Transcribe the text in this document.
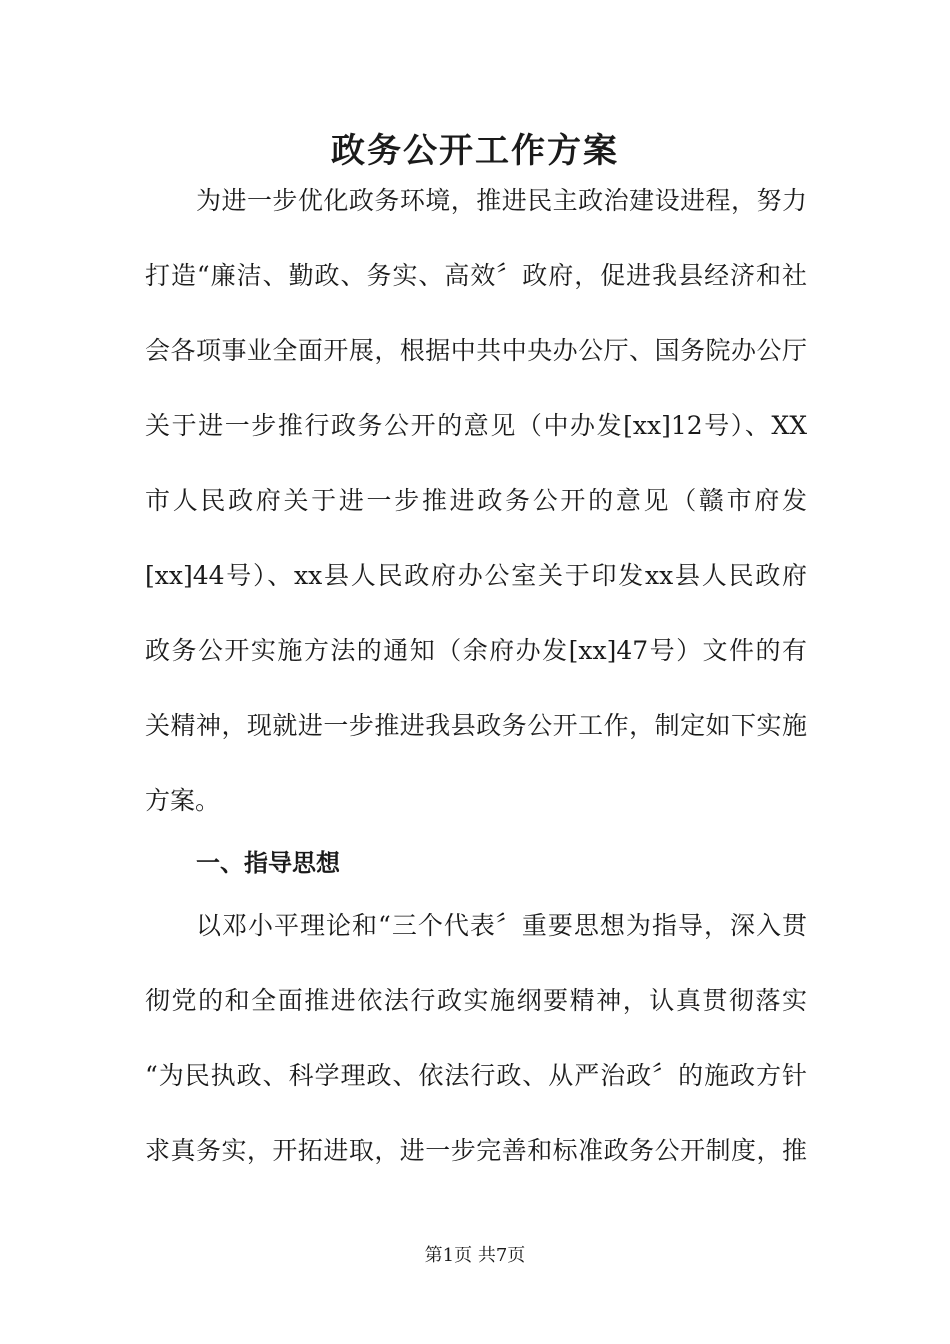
政务公开工作方案
为进一步优化政务环境，推进民主政治建设进程，努力
打造“廉洁、勤政、务实、高效〞政府，促进我县经济和社
会各项事业全面开展，根据中共中央办公厅、国务院办公厅
关于进一步推行政务公开的意见（中办发[xx]12号）、XX
市人民政府关于进一步推进政务公开的意见（赣市府发
[xx]44号）、xx县人民政府办公室关于印发xx县人民政府
政务公开实施方法的通知（余府办发[xx]47号）文件的有
关精神，现就进一步推进我县政务公开工作，制定如下实施
方案。
一、指导思想
以邓小平理论和“三个代表〞重要思想为指导，深入贯
彻党的和全面推进依法行政实施纲要精神，认真贯彻落实
“为民执政、科学理政、依法行政、从严治政〞的施政方针
求真务实，开拓进取，进一步完善和标准政务公开制度，推
第1页 共7页
